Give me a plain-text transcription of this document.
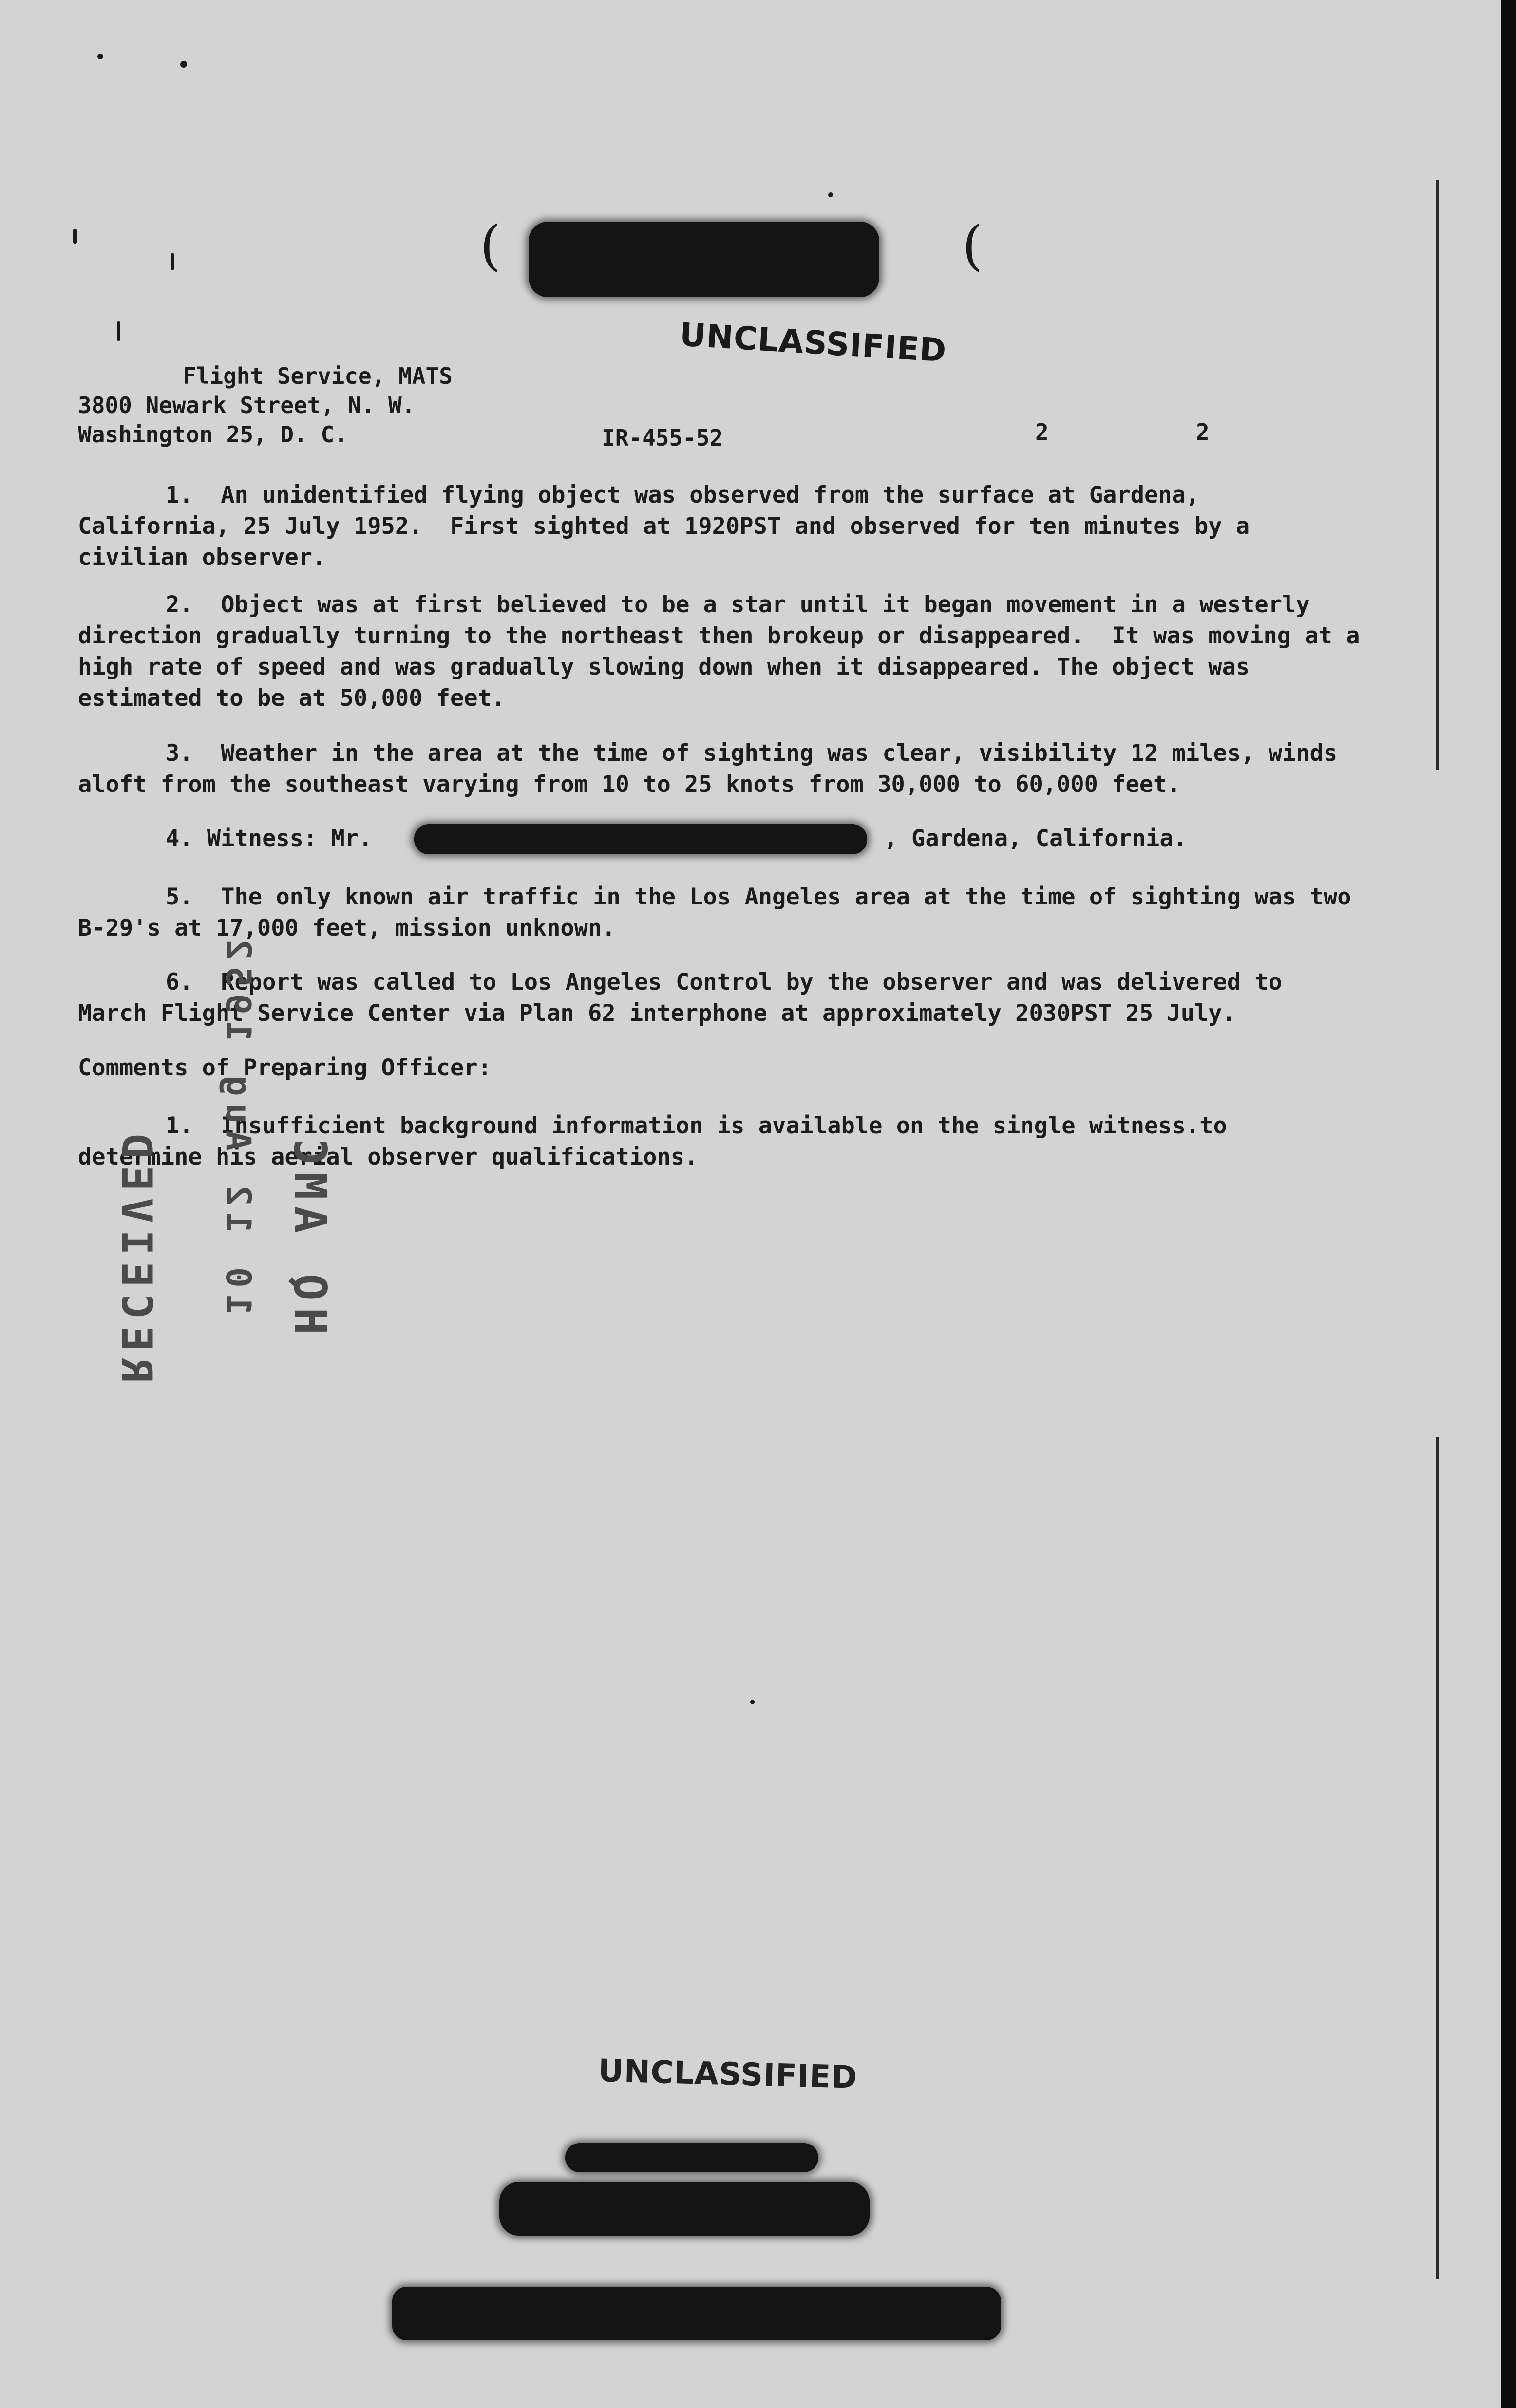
(	(
UNCLASSIFIED
Flight Service, MATS
3800 Newark Street, N. W.
Washington 25, D. C.	IR-455-52	2	2

1. An unidentified flying object was observed from the surface at Gardena, California, 25 July 1952.  First sighted at 1920PST and observed for ten minutes by a civilian observer.

2. Object was at first believed to be a star until it began movement in a westerly direction gradually turning to the northeast then brokeup or disappeared.  It was moving at a high rate of speed and was gradually slowing down when it disappeared. The object was estimated to be at 50,000 feet.

3. Weather in the area at the time of sighting was clear, visibility 12 miles, winds aloft from the southeast varying from 10 to 25 knots from 30,000 to 60,000 feet.

4. Witness: Mr.	, Gardena, California.

5. The only known air traffic in the Los Angeles area at the time of sighting was two B-29's at 17,000 feet, mission unknown.

6. Report was called to Los Angeles Control by the observer and was delivered to March Flight Service Center via Plan 62 interphone at approximately 2030PST 25 July.

Comments of Preparing Officer:

1. Insufficient background information is available on the single witness.to determine his aerial observer qualifications.

RECEIVED 10 12 Aug 1952 HQ AMC
UNCLASSIFIED
